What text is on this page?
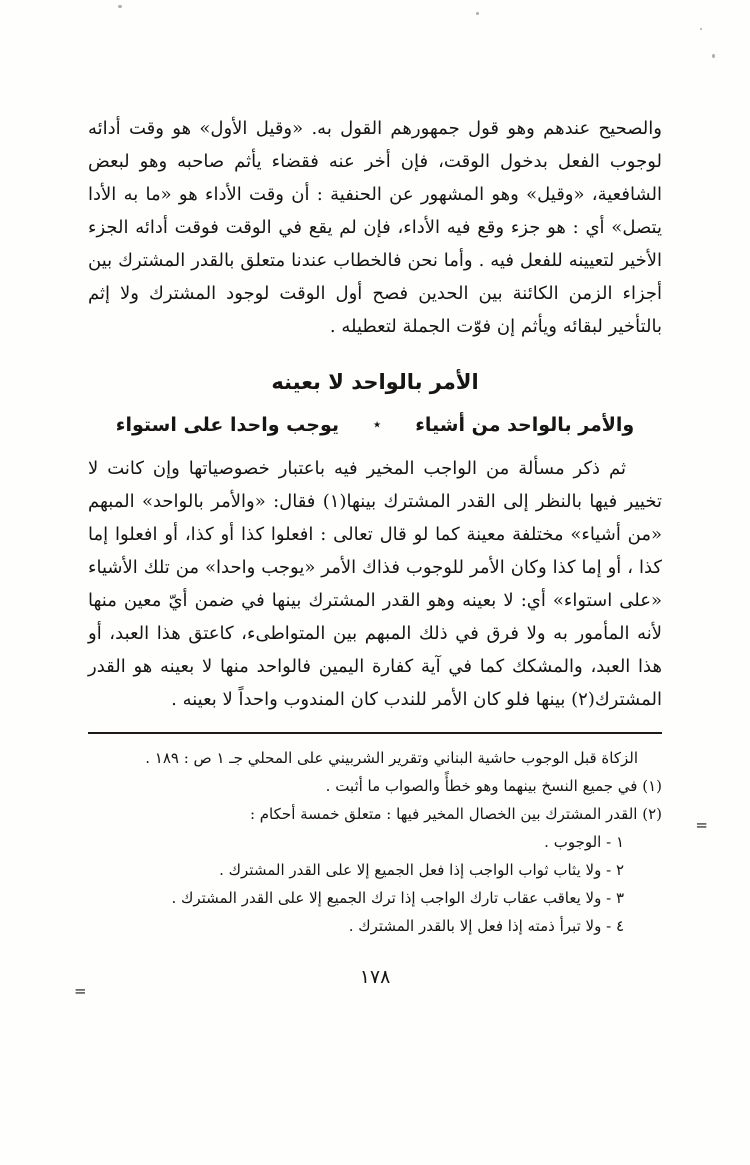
والصحيح عندهم وهو قول جمهورهم القول به. «وقيل الأول» هو وقت أدائه لوجوب الفعل بدخول الوقت، فإن أخر عنه فقضاء يأثم صاحبه وهو لبعض الشافعية، «وقيل» وهو المشهور عن الحنفية : أن وقت الأداء هو «ما به الأدا يتصل» أي : هو جزء وقع فيه الأداء، فإن لم يقع في الوقت فوقت أدائه الجزء الأخير لتعيينه للفعل فيه . وأما نحن فالخطاب عندنا متعلق بالقدر المشترك بين أجزاء الزمن الكائنة بين الحدين فصح أول الوقت لوجود المشترك ولا إثم بالتأخير لبقائه ويأثم إن فوّت الجملة لتعطيله .

الأمر بالواحد لا بعينه

والأمر بالواحد من أشياء
٭
يوجب واحدا على استواء

ثم ذكر مسألة من الواجب المخير فيه باعتبار خصوصياتها وإن كانت لا تخيير فيها بالنظر إلى القدر المشترك بينها(١) فقال: «والأمر بالواحد» المبهم «من أشياء» مختلفة معينة كما لو قال تعالى : افعلوا كذا أو كذا، أو افعلوا إما كذا ، أو إما كذا وكان الأمر للوجوب فذاك الأمر «يوجب واحدا» من تلك الأشياء «على استواء» أي: لا بعينه وهو القدر المشترك بينها في ضمن أيّ معين منها لأنه المأمور به ولا فرق في ذلك المبهم بين المتواطىء، كاعتق هذا العبد، أو هذا العبد، والمشكك كما في آية كفارة اليمين فالواحد منها لا بعينه هو القدر المشترك(٢) بينها فلو كان الأمر للندب كان المندوب واحداً لا بعينه .

الزكاة قبل الوجوب حاشية البناني وتقرير الشربيني على المحلي جـ ١ ص : ١٨٩ .

(١) في جميع النسخ بينهما وهو خطأً والصواب ما أثبت .

(٢) القدر المشترك بين الخصال المخير فيها : متعلق خمسة أحكام :

١ - الوجوب .

٢ - ولا يثاب ثواب الواجب إذا فعل الجميع إلا على القدر المشترك .

٣ - ولا يعاقب عقاب تارك الواجب إذا ترك الجميع إلا على القدر المشترك .

٤ - ولا تبرأ ذمته إذا فعل إلا بالقدر المشترك .

١٧٨
=
=
